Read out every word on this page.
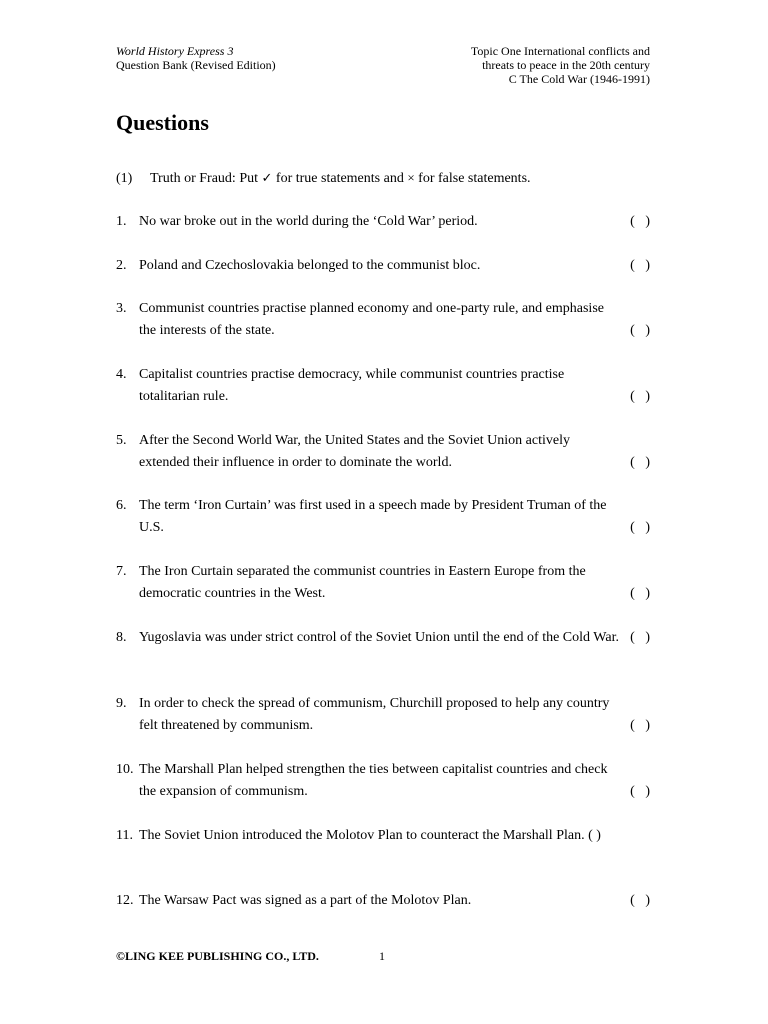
World History Express 3
Question Bank (Revised Edition)
Topic One International conflicts and
threats to peace in the 20th century
C The Cold War (1946-1991)
Questions
(1) Truth or Fraud: Put ✓ for true statements and × for false statements.
1. No war broke out in the world during the ‘Cold War’ period.	(   )
2. Poland and Czechoslovakia belonged to the communist bloc.	(   )
3. Communist countries practise planned economy and one-party rule, and emphasise the interests of the state.	(   )
4. Capitalist countries practise democracy, while communist countries practise totalitarian rule.	(   )
5. After the Second World War, the United States and the Soviet Union actively extended their influence in order to dominate the world.	(   )
6. The term ‘Iron Curtain’ was first used in a speech made by President Truman of the U.S.	(   )
7. The Iron Curtain separated the communist countries in Eastern Europe from the democratic countries in the West.	(   )
8. Yugoslavia was under strict control of the Soviet Union until the end of the Cold War. (   )
9. In order to check the spread of communism, Churchill proposed to help any country felt threatened by communism.	(   )
10. The Marshall Plan helped strengthen the ties between capitalist countries and check the expansion of communism.	(   )
11. The Soviet Union introduced the Molotov Plan to counteract the Marshall Plan. ( )
12. The Warsaw Pact was signed as a part of the Molotov Plan.	(   )
©LING KEE PUBLISHING CO., LTD.	1
